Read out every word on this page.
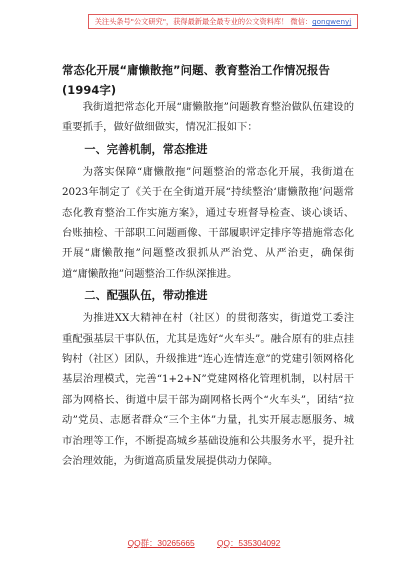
关注头条号"公文研究"，获得最新最全最专业的公文资料库！ 微信：gongwenyj
常态化开展“庸懒散拖”问题、教育整治工作情况报告(1994字)

我街道把常态化开展“庸懒散拖”问题教育整治做队伍建设的重要抓手，做好做细做实，情况汇报如下：

一、完善机制，常态推进

为落实保障“庸懒散拖”问题整治的常态化开展，我街道在2023年制定了《关于在全街道开展“持续整治‘庸懒散拖’问题常态化教育整治工作实施方案》，通过专班督导检查、谈心谈话、台账抽检、干部职工问题画像、干部履职评定排序等措施常态化开展“庸懒散拖”问题整改狠抓从严治党、从严治吏，确保街道“庸懒散拖”问题整治工作纵深推进。

二、配强队伍，带动推进

为推进XX大精神在村（社区）的贯彻落实，街道党工委注重配强基层干事队伍，尤其是选好“火车头”。融合原有的驻点挂钩村（社区）团队，升级推进“连心连情连意”的党建引领网格化基层治理模式，完善“1+2+N”党建网格化管理机制，以村居干部为网格长、街道中层干部为副网格长两个“火车头”，团结“拉动”党员、志愿者群众“三个主体”力量，扎实开展志愿服务、城市治理等工作，不断提高城乡基础设施和公共服务水平，提升社会治理效能，为街道高质量发展提供动力保障。

QQ群：30265665	QQ：535304092
